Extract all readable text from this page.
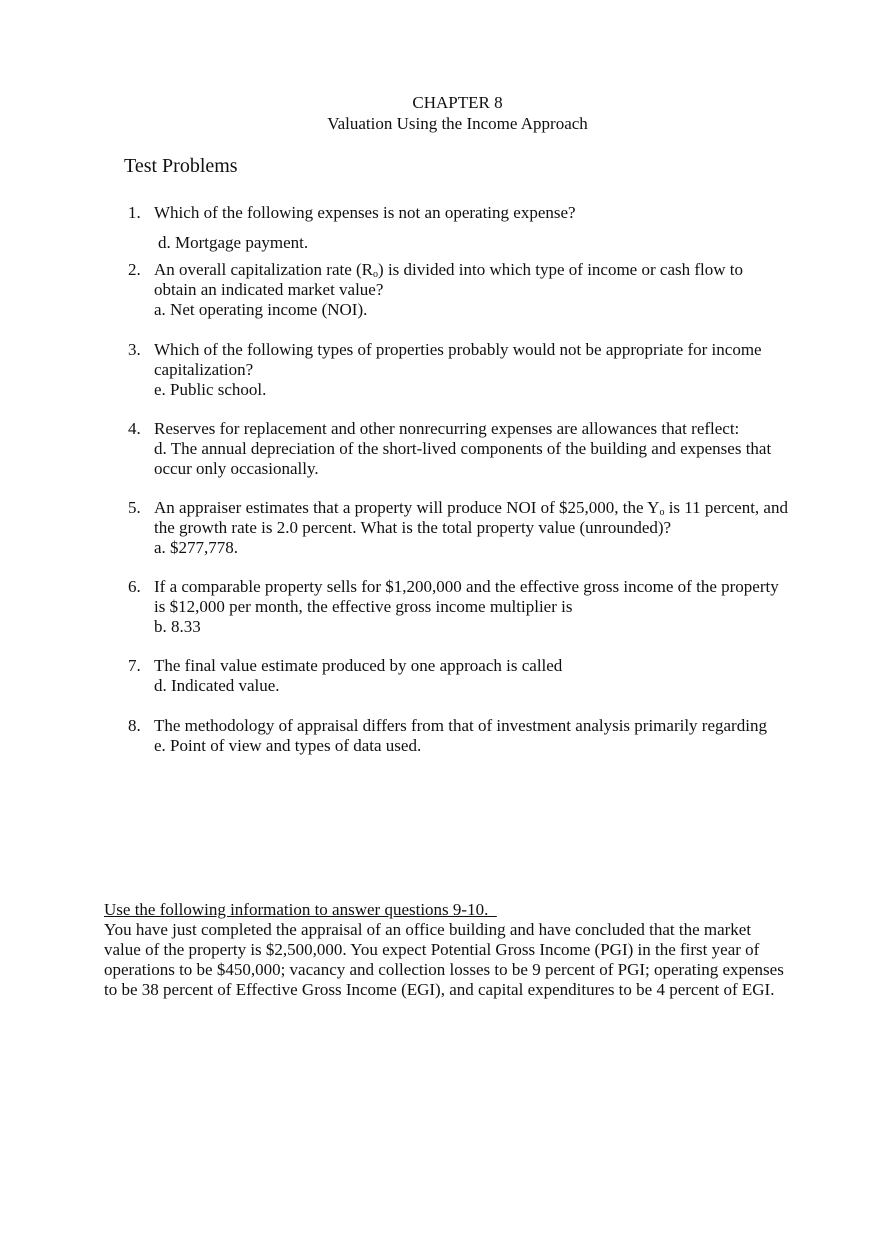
CHAPTER 8
Valuation Using the Income Approach
Test Problems
1. Which of the following expenses is not an operating expense?
d. Mortgage payment.
2. An overall capitalization rate $(R_o)$ is divided into which type of income or cash flow to obtain an indicated market value?
a. Net operating income (NOI).
3. Which of the following types of properties probably would not be appropriate for income capitalization?
e. Public school.
4. Reserves for replacement and other nonrecurring expenses are allowances that reflect:
d. The annual depreciation of the short-lived components of the building and expenses that occur only occasionally.
5. An appraiser estimates that a property will produce NOI of $25,000, the $Y_o$ is 11 percent, and the growth rate is 2.0 percent. What is the total property value (unrounded)?
a. $277,778.
6. If a comparable property sells for $1,200,000 and the effective gross income of the property is $12,000 per month, the effective gross income multiplier is
b. 8.33
7. The final value estimate produced by one approach is called
d. Indicated value.
8. The methodology of appraisal differs from that of investment analysis primarily regarding
e. Point of view and types of data used.
Use the following information to answer questions 9-10.
You have just completed the appraisal of an office building and have concluded that the market value of the property is $2,500,000. You expect Potential Gross Income (PGI) in the first year of operations to be $450,000; vacancy and collection losses to be 9 percent of PGI; operating expenses to be 38 percent of Effective Gross Income (EGI), and capital expenditures to be 4 percent of EGI.
